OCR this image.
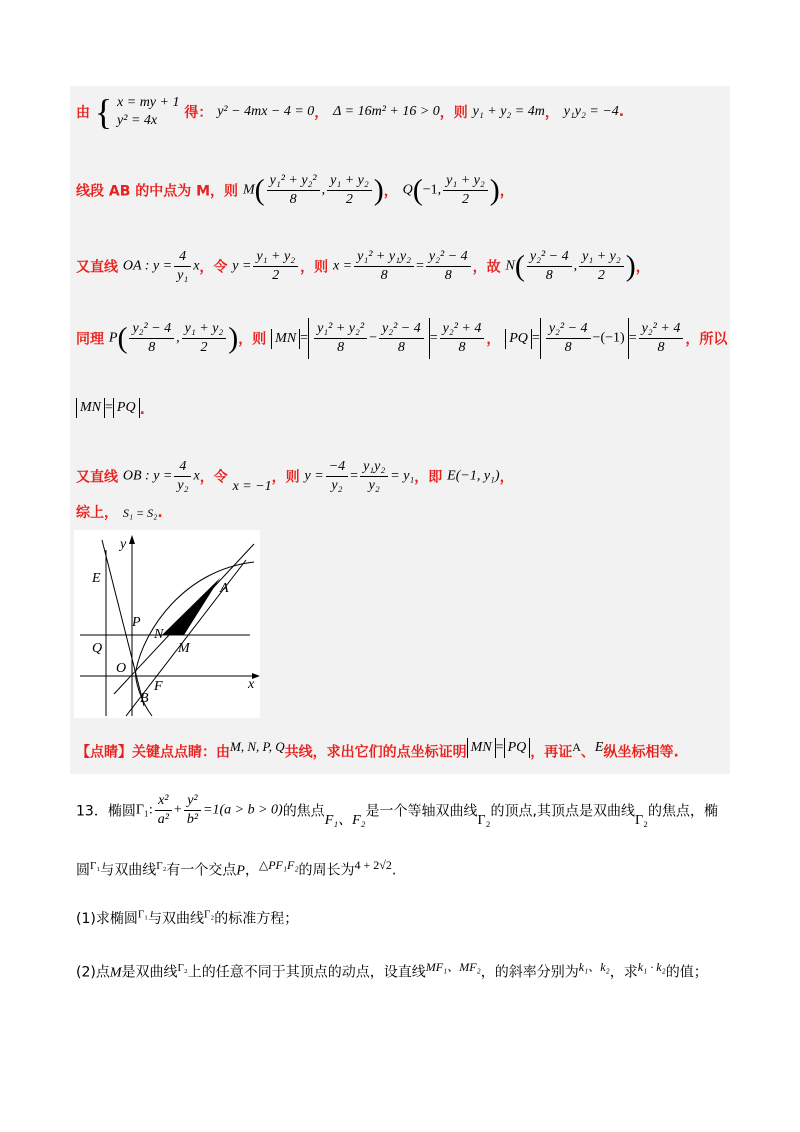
由 { x = my + 1
y² = 4x	得： y² − 4mx − 4 = 0， Δ = 16m² + 16 > 0，则 y₁ + y₂ = 4m， y₁y₂ = −4.
线段 AB 的中点为 M，则 $M( \frac{\text{y₁² + y₂²}}{8}$ , $\frac{\text{y₁ + y₂}}{2}$ )， Q(−1, $\frac{\text{y₁ + y₂}}{2}$ )，
又直线 OA : $y = \frac{4}{\text{y₁}}$ x，令 $y = \frac{\text{y₁ + y₂}}{2}$ ，则 $x = \frac{\text{y₁² + y₁y₂}}{8} = \frac{\text{y₂² − 4}}{8}$ ，故 $N( \frac{\text{y₂² − 4}}{8}$ , $\frac{\text{y₁ + y₂}}{2}$ )，
同理 $P( \frac{\text{y₂² − 4}}{8}$ , $\frac{\text{y₁ + y₂}}{2}$ )，则 MN = $\frac{\text{y₁² + y₂²}}{8} - \frac{\text{y₂² − 4}}{8} = \frac{\text{y₂² + 4}}{8}$ ， PQ = $\frac{\text{y₂² − 4}}{8} -(-1) = \frac{\text{y₂² + 4}}{8}$ ，所以
MN = PQ .
又直线 OB : $y = \frac{4}{\text{y₂}}$ x，令 x = −1，则 $y = \frac{-4}{\text{y₂}} = \frac{\text{y₁y₂}}{\text{y₂}} = y_1$，即 E(−1, y₁)，
综上， S₁ = S₂.
y
x
E
A
P
N
M
Q
O
F
B
【点睛】关键点点睛：由M, N, P, Q共线，求出它们的点坐标证明 MN = PQ ，再证A、E纵坐标相等.
13．椭圆Γ₁: $\frac{\text{x²}}{\text{a²}} + \frac{\text{y²}}{\text{b²}} =1(a > b > 0)$的焦点F₁、F₂是一个等轴双曲线Γ₂的顶点,其顶点是双曲线Γ₂的焦点，椭
圆$^{\Gamma_1}$与双曲线$^{\Gamma_2}$有一个交点P，△PF₁F₂的周长为4 + 2√2.
(1)求椭圆$^{\Gamma_1}$与双曲线$^{\Gamma_2}$的标准方程；
(2)点M是双曲线$^{\Gamma_2}$上的任意不同于其顶点的动点，设直线MF₁、MF₂，的斜率分别为k₁、k₂，求k₁ · k₂的值；
